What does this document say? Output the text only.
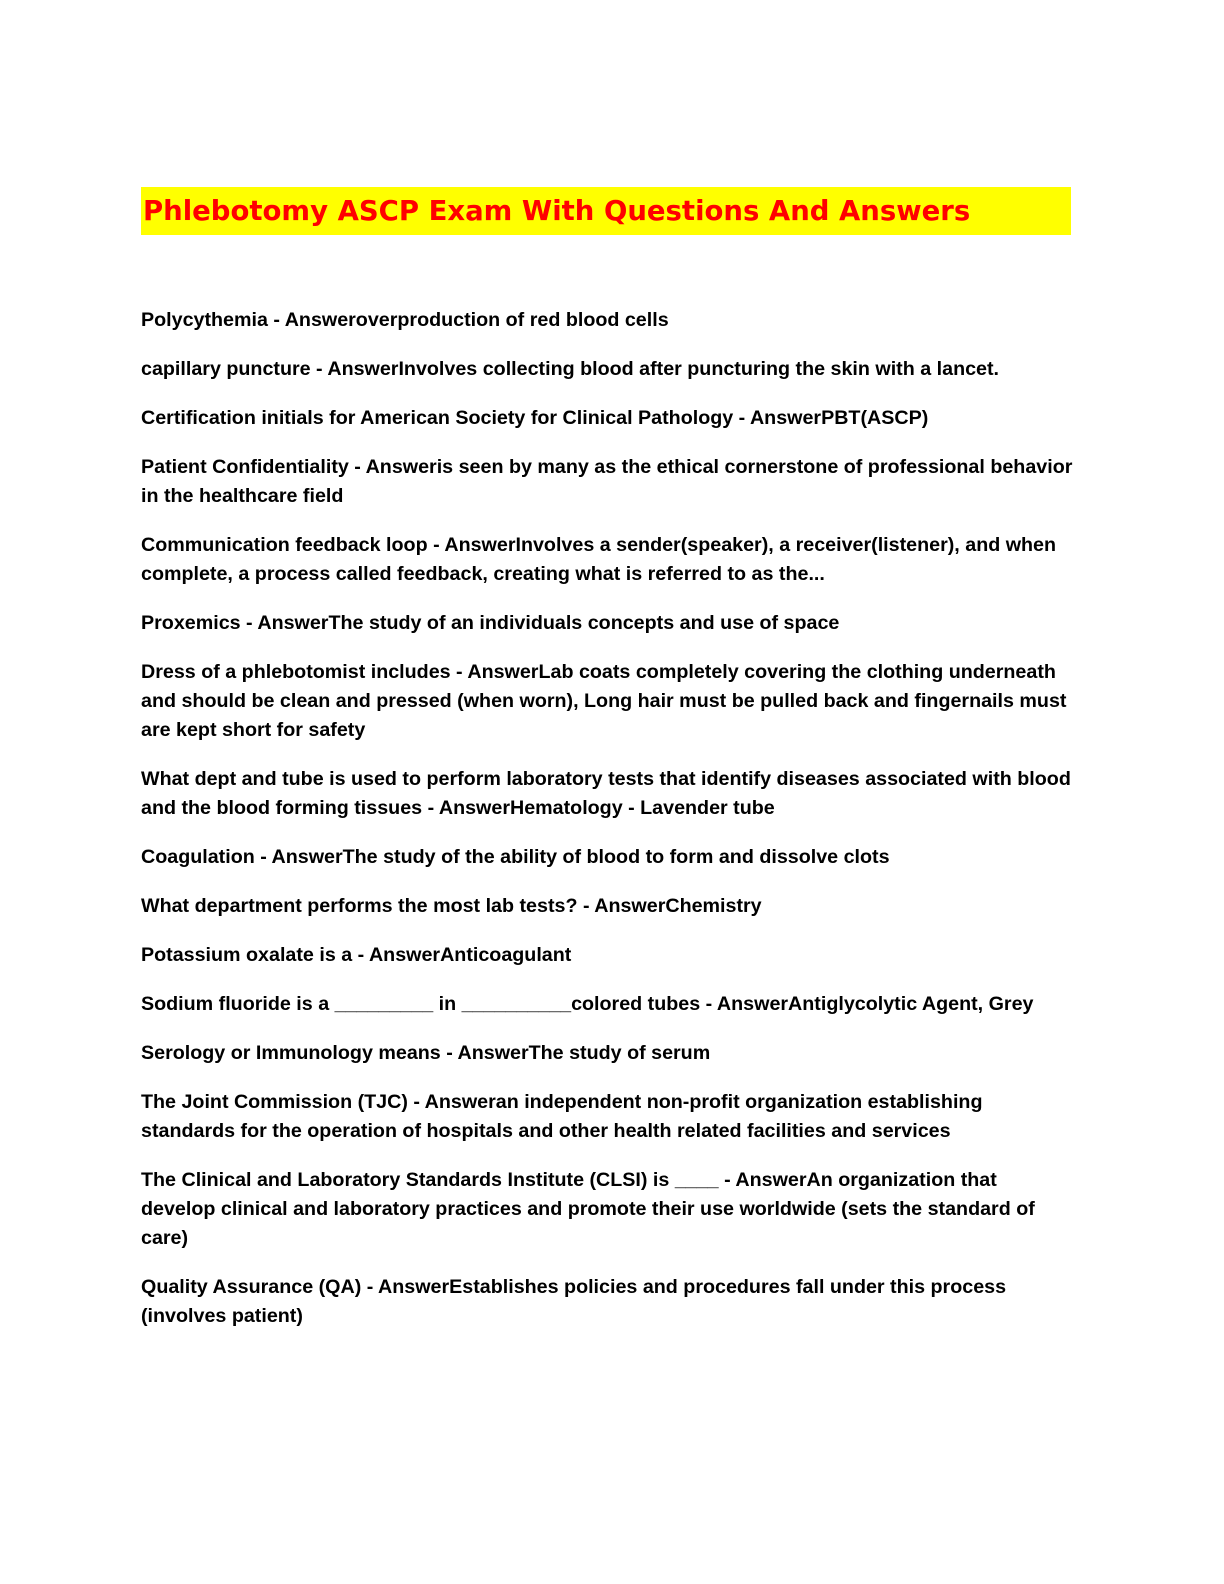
Phlebotomy ASCP Exam With Questions And Answers

Polycythemia - Answeroverproduction of red blood cells

capillary puncture - AnswerInvolves collecting blood after puncturing the skin with a lancet.

Certification initials for American Society for Clinical Pathology - AnswerPBT(ASCP)

Patient Confidentiality - Answeris seen by many as the ethical cornerstone of professional behavior in the healthcare field

Communication feedback loop - AnswerInvolves a sender(speaker), a receiver(listener), and when complete, a process called feedback, creating what is referred to as the...

Proxemics - AnswerThe study of an individuals concepts and use of space

Dress of a phlebotomist includes - AnswerLab coats completely covering the clothing underneath and should be clean and pressed (when worn), Long hair must be pulled back and fingernails must are kept short for safety

What dept and tube is used to perform laboratory tests that identify diseases associated with blood and the blood forming tissues - AnswerHematology - Lavender tube

Coagulation - AnswerThe study of the ability of blood to form and dissolve clots

What department performs the most lab tests? - AnswerChemistry

Potassium oxalate is a - AnswerAnticoagulant

Sodium fluoride is a _________ in __________colored tubes - AnswerAntiglycolytic Agent, Grey

Serology or Immunology means - AnswerThe study of serum

The Joint Commission (TJC) - Answeran independent non-profit organization establishing standards for the operation of hospitals and other health related facilities and services

The Clinical and Laboratory Standards Institute (CLSI) is ____ - AnswerAn organization that develop clinical and laboratory practices and promote their use worldwide (sets the standard of care)

Quality Assurance (QA) - AnswerEstablishes policies and procedures fall under this process (involves patient)
